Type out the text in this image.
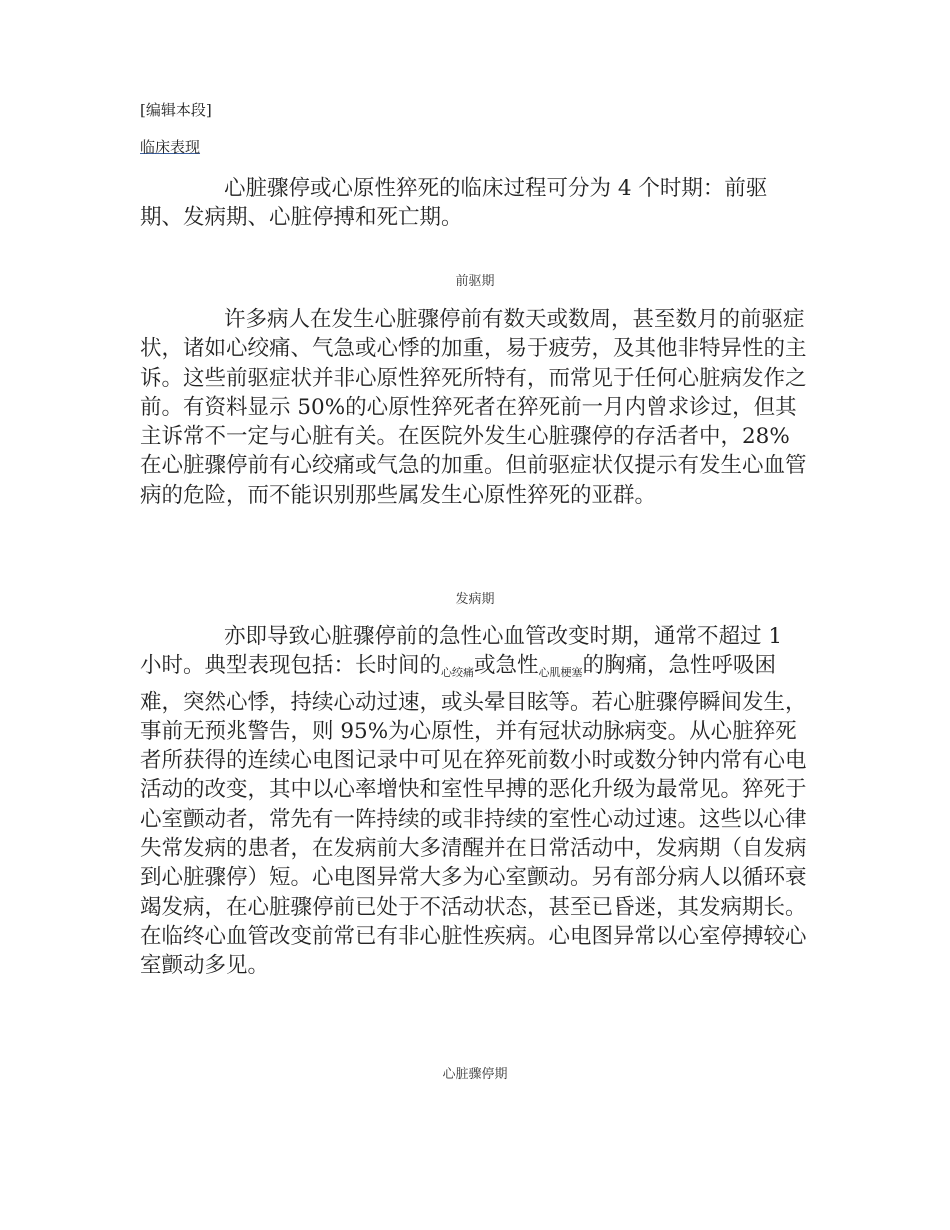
[编辑本段]
临床表现

心脏骤停或心原性猝死的临床过程可分为 4 个时期：前驱期、发病期、心脏停搏和死亡期。

前驱期

许多病人在发生心脏骤停前有数天或数周，甚至数月的前驱症状，诸如心绞痛、气急或心悸的加重，易于疲劳，及其他非特异性的主诉。这些前驱症状并非心原性猝死所特有，而常见于任何心脏病发作之前。有资料显示 50%的心原性猝死者在猝死前一月内曾求诊过，但其主诉常不一定与心脏有关。在医院外发生心脏骤停的存活者中，28%在心脏骤停前有心绞痛或气急的加重。但前驱症状仅提示有发生心血管病的危险，而不能识别那些属发生心原性猝死的亚群。

发病期

亦即导致心脏骤停前的急性心血管改变时期，通常不超过 1 小时。典型表现包括：长时间的心绞痛或急性心肌梗塞的胸痛，急性呼吸困难，突然心悸，持续心动过速，或头晕目眩等。若心脏骤停瞬间发生，事前无预兆警告，则 95%为心原性，并有冠状动脉病变。从心脏猝死者所获得的连续心电图记录中可见在猝死前数小时或数分钟内常有心电活动的改变，其中以心率增快和室性早搏的恶化升级为最常见。猝死于心室颤动者，常先有一阵持续的或非持续的室性心动过速。这些以心律失常发病的患者，在发病前大多清醒并在日常活动中，发病期（自发病到心脏骤停）短。心电图异常大多为心室颤动。另有部分病人以循环衰竭发病，在心脏骤停前已处于不活动状态，甚至已昏迷，其发病期长。在临终心血管改变前常已有非心脏性疾病。心电图异常以心室停搏较心室颤动多见。

心脏骤停期
